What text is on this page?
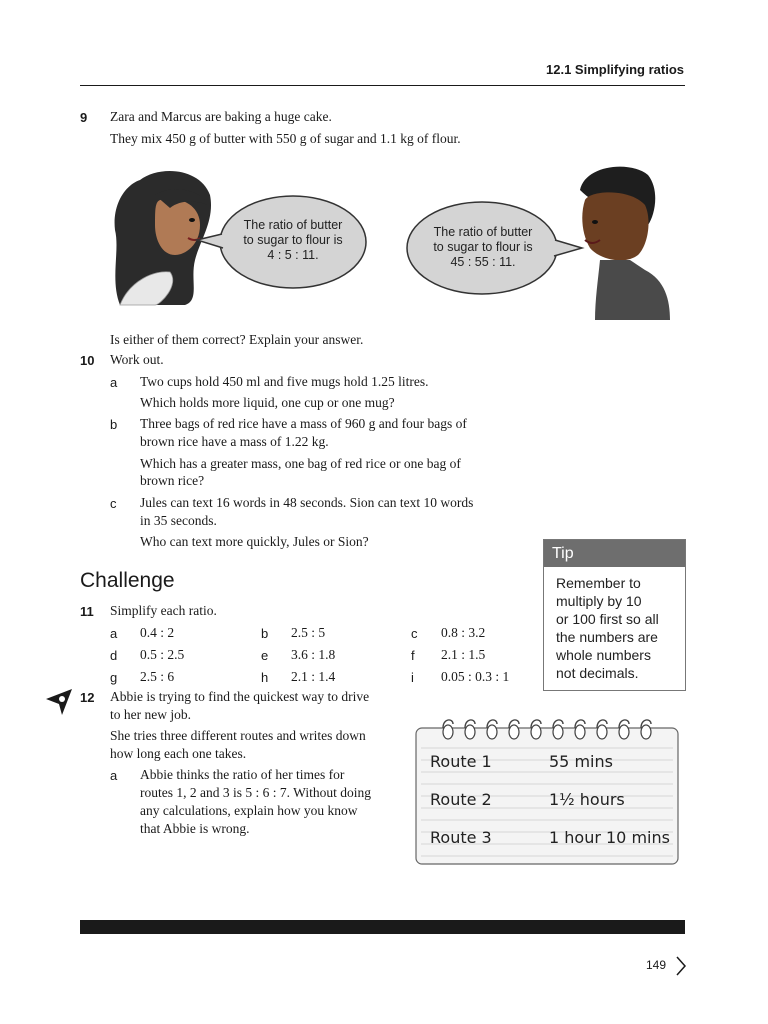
12.1 Simplifying ratios
9 Zara and Marcus are baking a huge cake.
They mix 450 g of butter with 550 g of sugar and 1.1 kg of flour.
The ratio of butter
to sugar to flour is
4 : 5 : 11.
The ratio of butter
to sugar to flour is
45 : 55 : 11.
Is either of them correct? Explain your answer.
10 Work out.
a Two cups hold 450 ml and five mugs hold 1.25 litres.
Which holds more liquid, one cup or one mug?
b Three bags of red rice have a mass of 960 g and four bags of
brown rice have a mass of 1.22 kg.
Which has a greater mass, one bag of red rice or one bag of
brown rice?
c Jules can text 16 words in 48 seconds. Sion can text 10 words
in 35 seconds.
Who can text more quickly, Jules or Sion?
Challenge
11 Simplify each ratio.
a 0.4 : 2	b 2.5 : 5	c 0.8 : 3.2
d 0.5 : 2.5	e 3.6 : 1.8	f 2.1 : 1.5
g 2.5 : 6	h 2.1 : 1.4	i 0.05 : 0.3 : 1
Tip
Remember to
multiply by 10
or 100 first so all
the numbers are
whole numbers
not decimals.
12 Abbie is trying to find the quickest way to drive
to her new job.
She tries three different routes and writes down
how long each one takes.
a Abbie thinks the ratio of her times for
routes 1, 2 and 3 is 5 : 6 : 7. Without doing
any calculations, explain how you know
that Abbie is wrong.
Route 1	55 mins
Route 2	1½ hours
Route 3	1 hour 10 mins
149
